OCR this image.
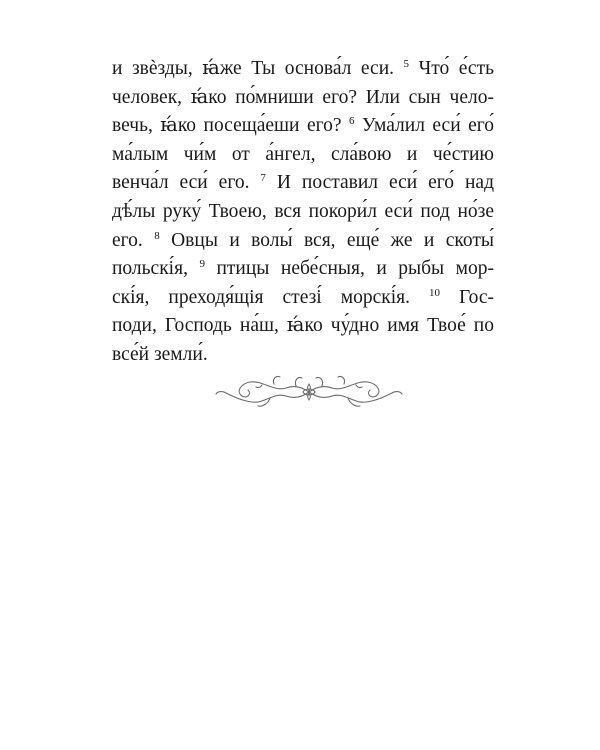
и звѐзды, ꙗ́же Ты основа́л еси. $^5$ Что́ е́сть
человек, ꙗ́ко по́мниши его? Или сын чело-
вечь, ꙗ́ко посеща́еши его? $^6$ Ума́лил еси́ его́
ма́лым чи́м от а́нгел, сла́вою и че́стию
венча́л еси́ его. $^7$ И поставил еси́ его́ над
дѣ́лы руку́ Твоею, вся покори́л еси́ под но́зе
его. $^8$ Овцы и волы́ вся, еще́ же и скоты́
польскі́я, $^9$ птицы небе́сныя, и рыбы мор-
скі́я, преходя́щія стезі́ морскі́я. $^{10}$ Гос-
поди, Господь на́ш, ꙗ́ко чу́дно имя Твое́ по
все́й земли́.
